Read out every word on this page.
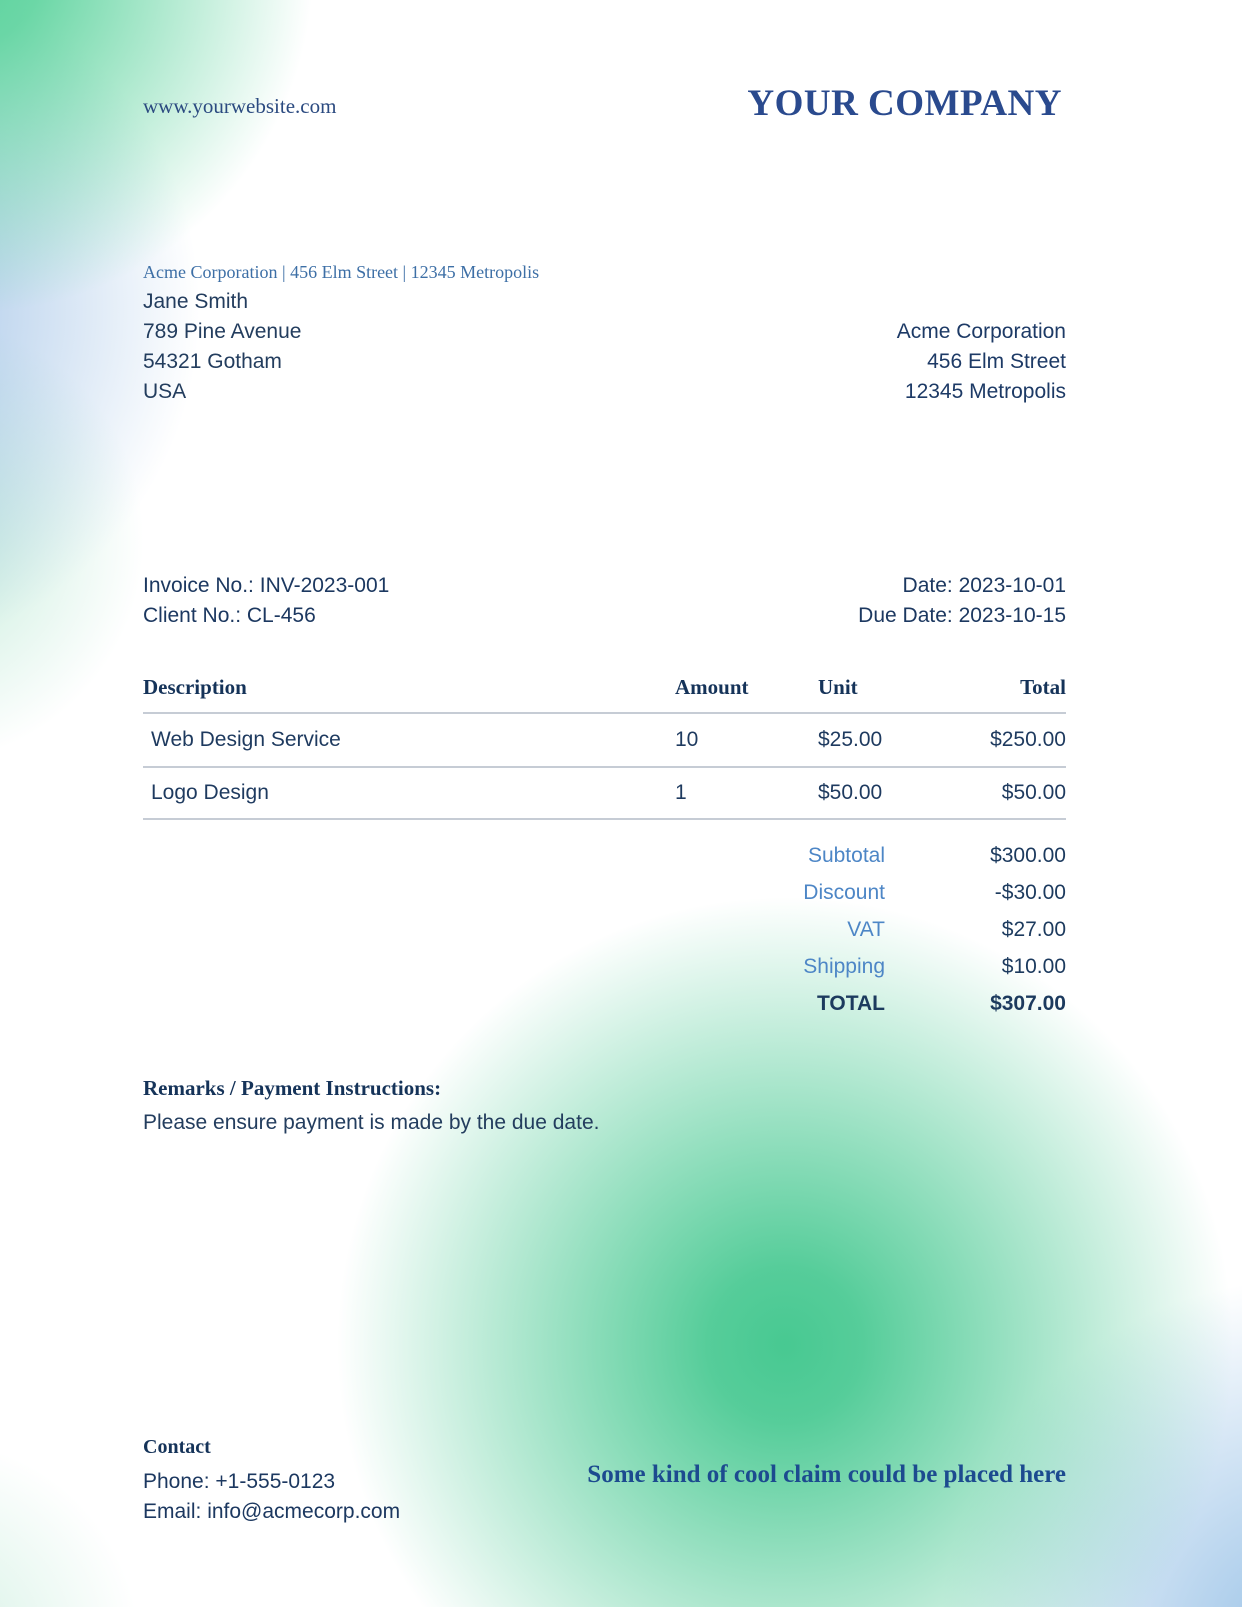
www.yourwebsite.com	YOUR COMPANY
Acme Corporation | 456 Elm Street | 12345 Metropolis
Jane Smith
789 Pine Avenue
54321 Gotham
USA
Acme Corporation
456 Elm Street
12345 Metropolis
Invoice No.: INV-2023-001
Client No.: CL-456
Date: 2023-10-01
Due Date: 2023-10-15
Description	Amount	Unit	Total
Web Design Service	10	$25.00	$250.00
Logo Design	1	$50.00	$50.00
Subtotal	$300.00
Discount	-$30.00
VAT	$27.00
Shipping	$10.00
TOTAL	$307.00
Remarks / Payment Instructions:
Please ensure payment is made by the due date.
Contact
Phone: +1-555-0123
Email: info@acmecorp.com
Some kind of cool claim could be placed here
